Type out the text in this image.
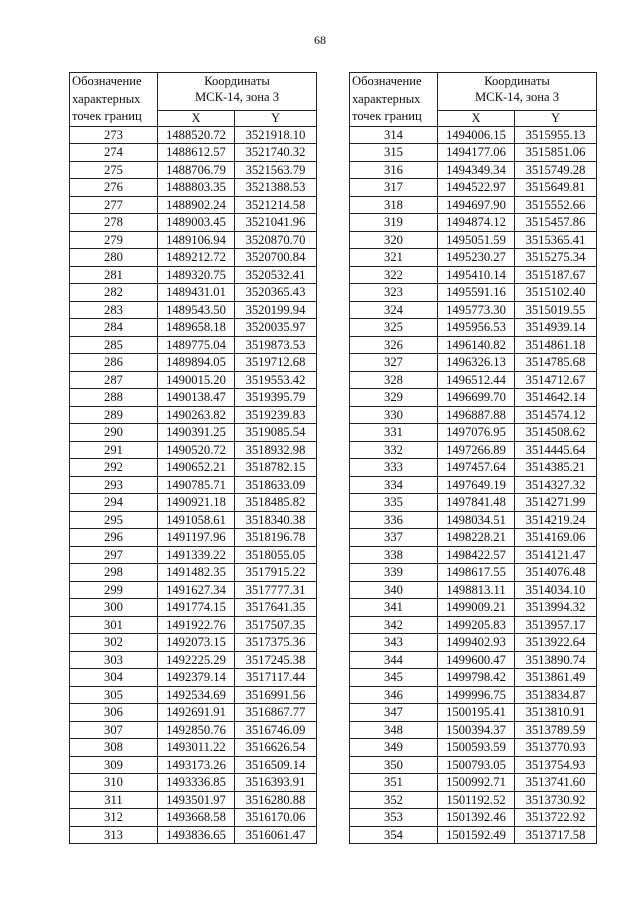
68
Обозначение
характерных
точек границ	Координаты
МСК-14, зона 3	

	X	Y
273	1488520.72	3521918.10
274	1488612.57	3521740.32
275	1488706.79	3521563.79
276	1488803.35	3521388.53
277	1488902.24	3521214.58
278	1489003.45	3521041.96
279	1489106.94	3520870.70
280	1489212.72	3520700.84
281	1489320.75	3520532.41
282	1489431.01	3520365.43
283	1489543.50	3520199.94
284	1489658.18	3520035.97
285	1489775.04	3519873.53
286	1489894.05	3519712.68
287	1490015.20	3519553.42
288	1490138.47	3519395.79
289	1490263.82	3519239.83
290	1490391.25	3519085.54
291	1490520.72	3518932.98
292	1490652.21	3518782.15
293	1490785.71	3518633.09
294	1490921.18	3518485.82
295	1491058.61	3518340.38
296	1491197.96	3518196.78
297	1491339.22	3518055.05
298	1491482.35	3517915.22
299	1491627.34	3517777.31
300	1491774.15	3517641.35
301	1491922.76	3517507.35
302	1492073.15	3517375.36
303	1492225.29	3517245.38
304	1492379.14	3517117.44
305	1492534.69	3516991.56
306	1492691.91	3516867.77
307	1492850.76	3516746.09
308	1493011.22	3516626.54
309	1493173.26	3516509.14
310	1493336.85	3516393.91
311	1493501.97	3516280.88
312	1493668.58	3516170.06
313	1493836.65	3516061.47
Обозначение
характерных
точек границ	Координаты
МСК-14, зона 3	

	X	Y
314	1494006.15	3515955.13
315	1494177.06	3515851.06
316	1494349.34	3515749.28
317	1494522.97	3515649.81
318	1494697.90	3515552.66
319	1494874.12	3515457.86
320	1495051.59	3515365.41
321	1495230.27	3515275.34
322	1495410.14	3515187.67
323	1495591.16	3515102.40
324	1495773.30	3515019.55
325	1495956.53	3514939.14
326	1496140.82	3514861.18
327	1496326.13	3514785.68
328	1496512.44	3514712.67
329	1496699.70	3514642.14
330	1496887.88	3514574.12
331	1497076.95	3514508.62
332	1497266.89	3514445.64
333	1497457.64	3514385.21
334	1497649.19	3514327.32
335	1497841.48	3514271.99
336	1498034.51	3514219.24
337	1498228.21	3514169.06
338	1498422.57	3514121.47
339	1498617.55	3514076.48
340	1498813.11	3514034.10
341	1499009.21	3513994.32
342	1499205.83	3513957.17
343	1499402.93	3513922.64
344	1499600.47	3513890.74
345	1499798.42	3513861.49
346	1499996.75	3513834.87
347	1500195.41	3513810.91
348	1500394.37	3513789.59
349	1500593.59	3513770.93
350	1500793.05	3513754.93
351	1500992.71	3513741.60
352	1501192.52	3513730.92
353	1501392.46	3513722.92
354	1501592.49	3513717.58
